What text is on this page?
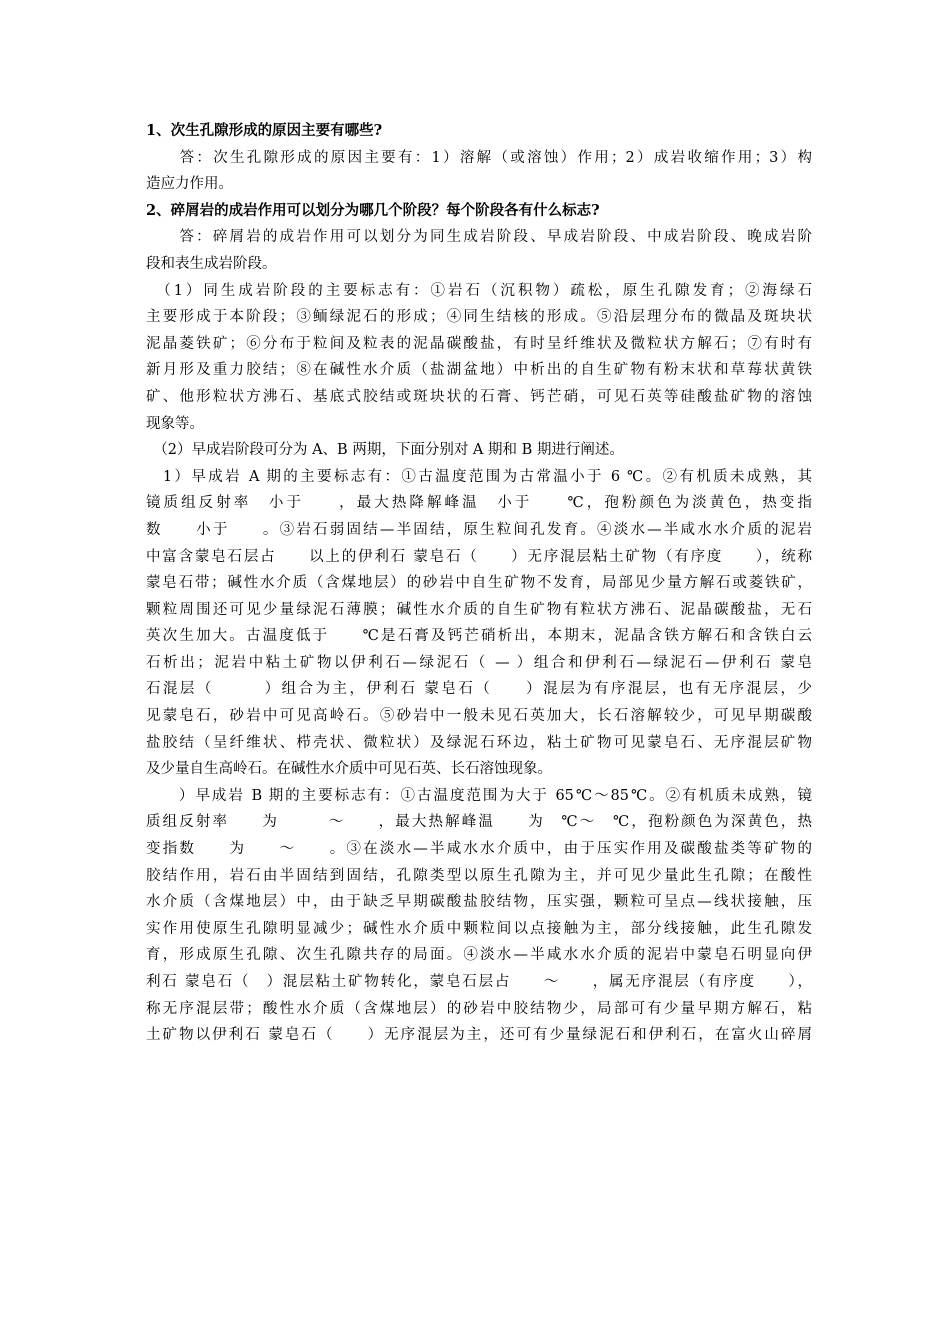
1、次生孔隙形成的原因主要有哪些?
　　答：次生孔隙形成的原因主要有：1）溶解（或溶蚀）作用；2）成岩收缩作用；3）构
造应力作用。
2、碎屑岩的成岩作用可以划分为哪几个阶段？每个阶段各有什么标志?
　　答：碎屑岩的成岩作用可以划分为同生成岩阶段、早成岩阶段、中成岩阶段、晚成岩阶
段和表生成岩阶段。
　（1）同生成岩阶段的主要标志有：①岩石（沉积物）疏松，原生孔隙发育；②海绿石
主要形成于本阶段；③鲕绿泥石的形成；④同生结核的形成。⑤沿层理分布的微晶及斑块状
泥晶菱铁矿；⑥分布于粒间及粒表的泥晶碳酸盐，有时呈纤维状及微粒状方解石；⑦有时有
新月形及重力胶结；⑧在碱性水介质（盐湖盆地）中析出的自生矿物有粉末状和草莓状黄铁
矿、他形粒状方沸石、基底式胶结或斑块状的石膏、钙芒硝，可见石英等硅酸盐矿物的溶蚀
现象等。
　（2）早成岩阶段可分为 A、B 两期，下面分别对 A 期和 B 期进行阐述。
　1）早成岩 A 期的主要标志有：①古温度范围为古常温小于 6 ℃。②有机质未成熟，其
镜质组反射率　小于　　，最大热降解峰温　小于　　℃，孢粉颜色为淡黄色，热变指
数　　小于　　。③岩石弱固结—半固结，原生粒间孔发育。④淡水—半咸水水介质的泥岩
中富含蒙皂石层占　　以上的伊利石 蒙皂石（　　）无序混层粘土矿物（有序度　　），统称
蒙皂石带；碱性水介质（含煤地层）的砂岩中自生矿物不发育，局部见少量方解石或菱铁矿，
颗粒周围还可见少量绿泥石薄膜；碱性水介质的自生矿物有粒状方沸石、泥晶碳酸盐，无石
英次生加大。古温度低于　　℃是石膏及钙芒硝析出，本期末，泥晶含铁方解石和含铁白云
石析出；泥岩中粘土矿物以伊利石—绿泥石（ — ）组合和伊利石—绿泥石—伊利石 蒙皂
石混层（　　　）组合为主，伊利石 蒙皂石（　　）混层为有序混层，也有无序混层，少
见蒙皂石，砂岩中可见高岭石。⑤砂岩中一般未见石英加大，长石溶解较少，可见早期碳酸
盐胶结（呈纤维状、栉壳状、微粒状）及绿泥石环边，粘土矿物可见蒙皂石、无序混层矿物
及少量自生高岭石。在碱性水介质中可见石英、长石溶蚀现象。
　　）早成岩 B 期的主要标志有：①古温度范围为大于 65℃～85℃。②有机质未成熟，镜
质组反射率　　为　　　～　　，最大热解峰温　　为　℃～　℃，孢粉颜色为深黄色，热
变指数　　为　　～　　。③在淡水—半咸水水介质中，由于压实作用及碳酸盐类等矿物的
胶结作用，岩石由半固结到固结，孔隙类型以原生孔隙为主，并可见少量此生孔隙；在酸性
水介质（含煤地层）中，由于缺乏早期碳酸盐胶结物，压实强，颗粒可呈点—线状接触，压
实作用使原生孔隙明显减少；碱性水介质中颗粒间以点接触为主，部分线接触，此生孔隙发
育，形成原生孔隙、次生孔隙共存的局面。④淡水—半咸水水介质的泥岩中蒙皂石明显向伊
利石 蒙皂石（　）混层粘土矿物转化，蒙皂石层占　　～　　，属无序混层（有序度　　），
称无序混层带；酸性水介质（含煤地层）的砂岩中胶结物少，局部可有少量早期方解石，粘
土矿物以伊利石 蒙皂石（　　）无序混层为主，还可有少量绿泥石和伊利石，在富火山碎屑
